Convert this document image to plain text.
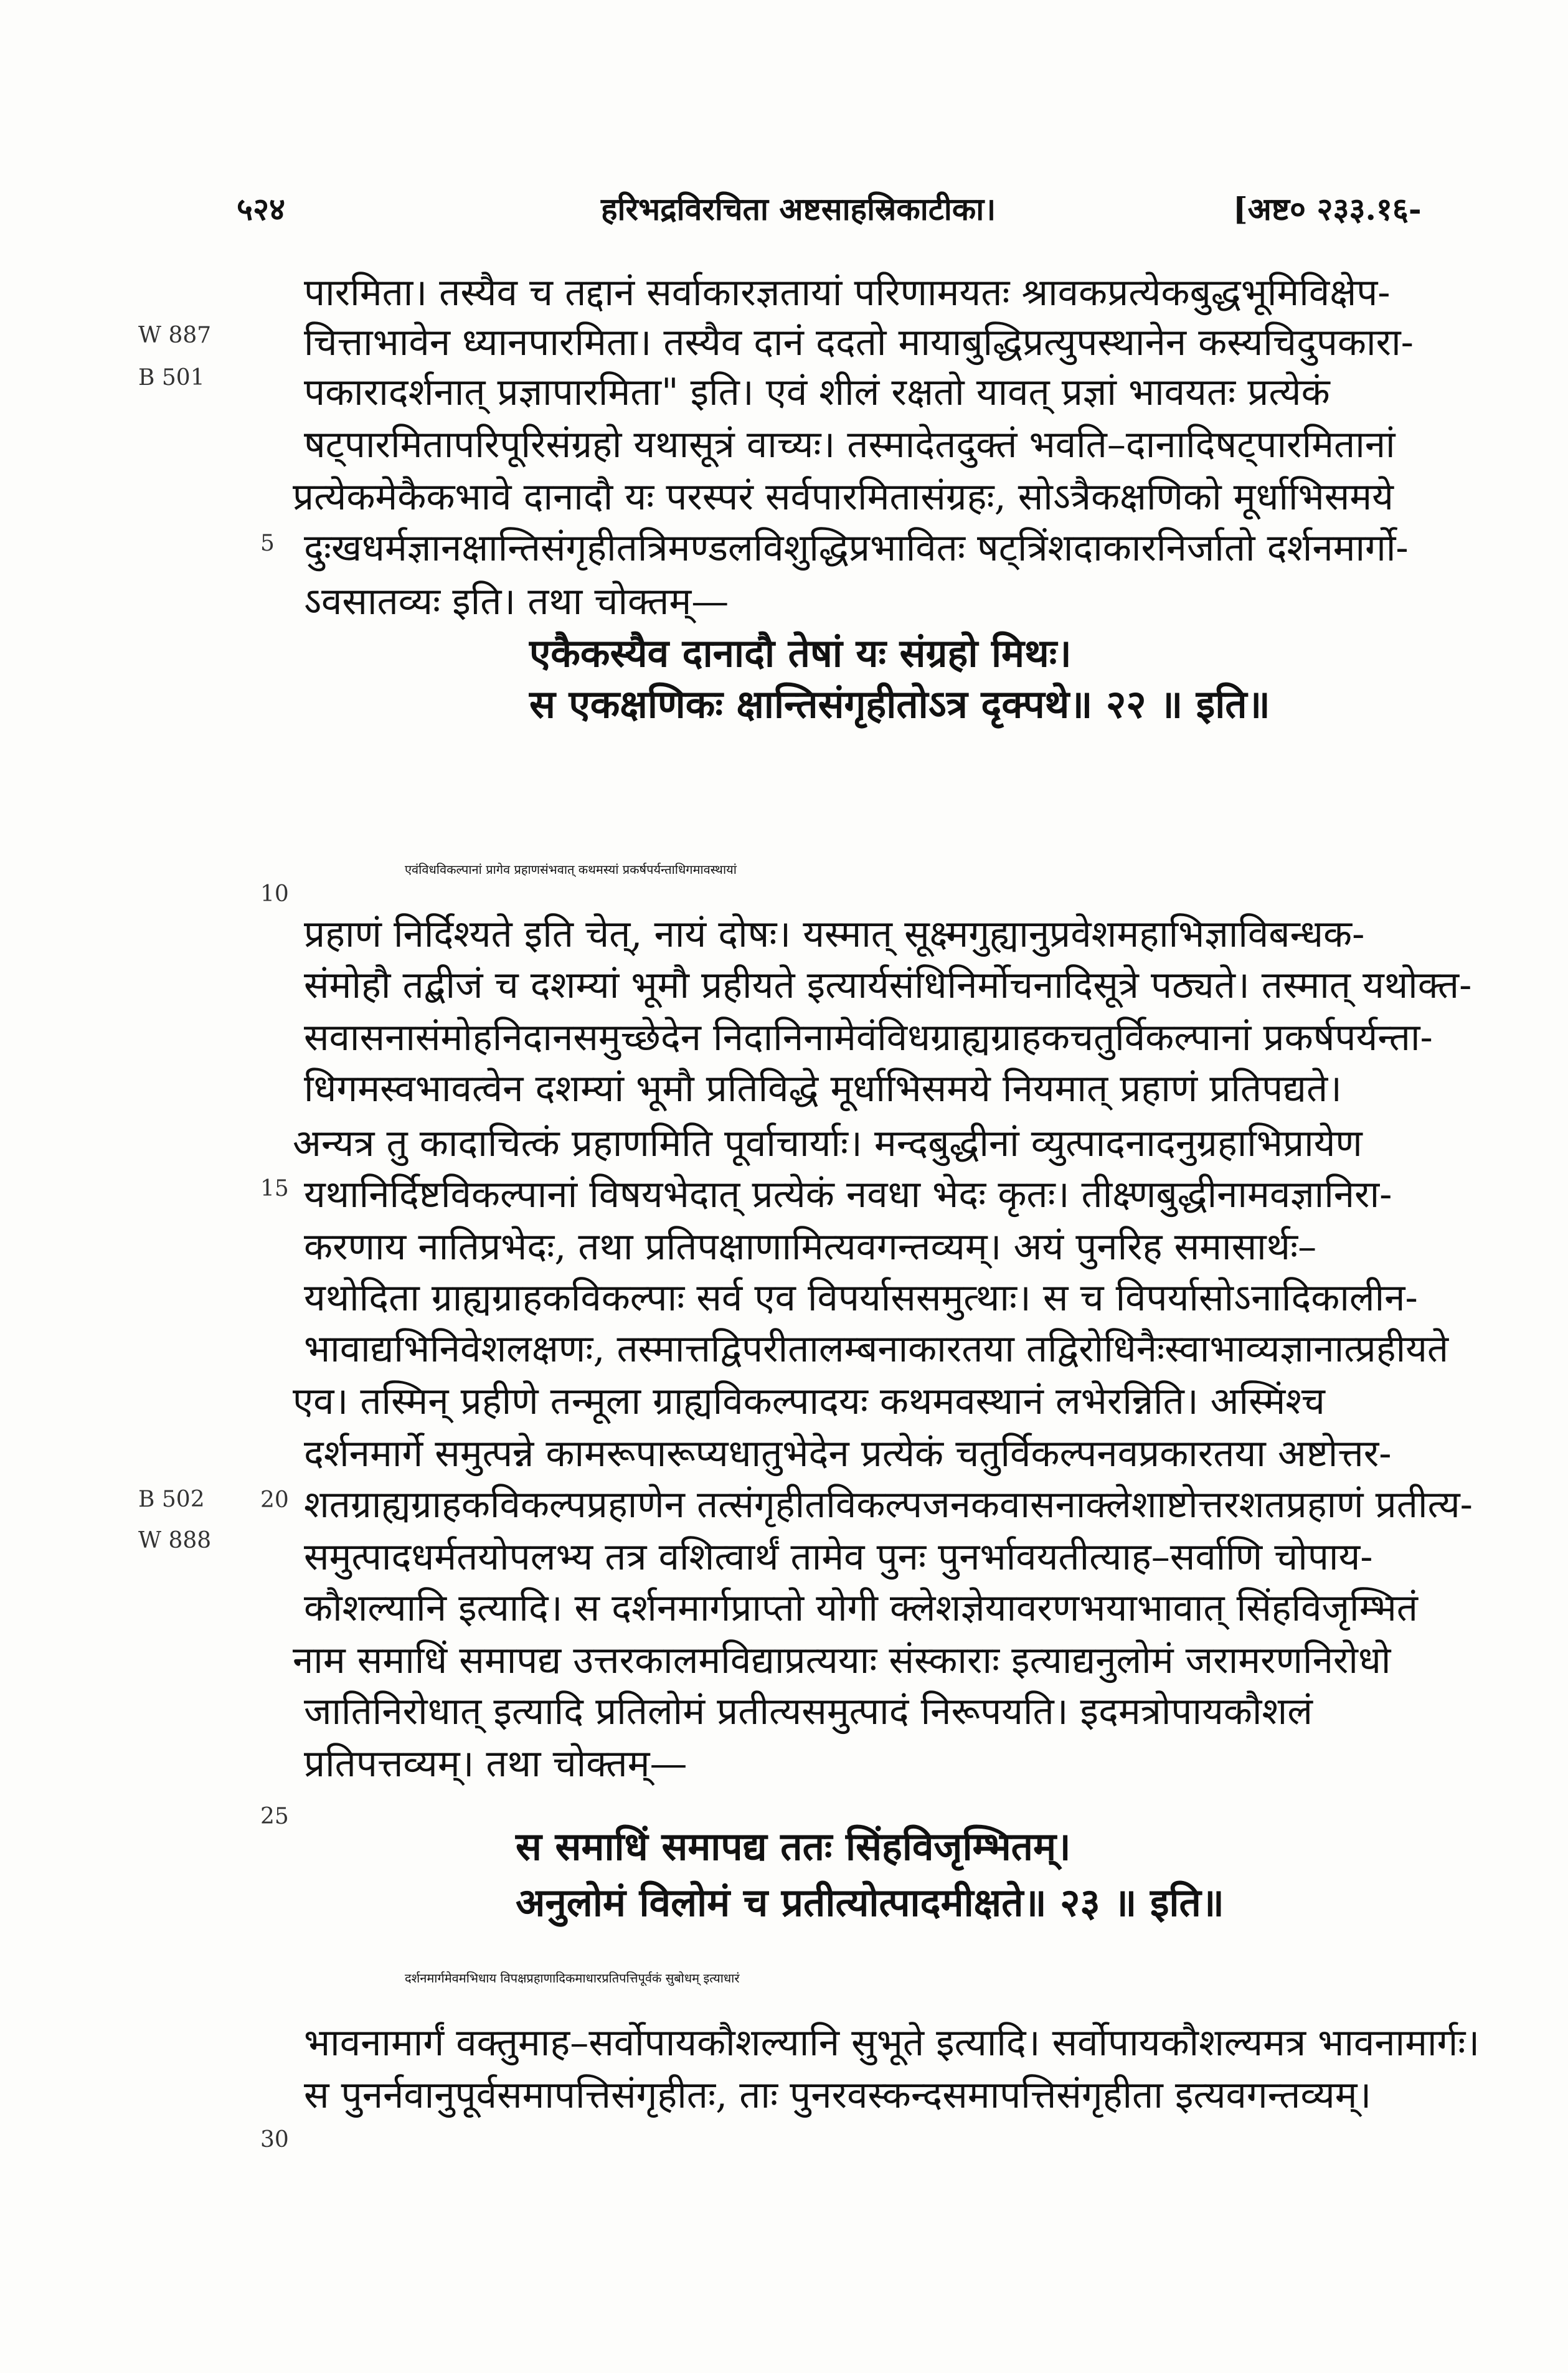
५२४	हरिभद्रविरचिता अष्टसाहस्रिकाटीका।	[अष्ट० २३३.१६-
W 887
B 501
B 502
W 888
5
10
15
20
25
30
पारमिता। तस्यैव च तद्दानं सर्वाकारज्ञतायां परिणामयतः श्रावकप्रत्येकबुद्धभूमिविक्षेप-
चित्ताभावेन ध्यानपारमिता। तस्यैव दानं ददतो मायाबुद्धिप्रत्युपस्थानेन कस्यचिदुपकारा-
पकारादर्शनात् प्रज्ञापारमिता" इति। एवं शीलं रक्षतो यावत् प्रज्ञां भावयतः प्रत्येकं
षट्पारमितापरिपूरिसंग्रहो यथासूत्रं वाच्यः। तस्मादेतदुक्तं भवति–दानादिषट्पारमितानां
प्रत्येकमेकैकभावे दानादौ यः परस्परं सर्वपारमितासंग्रहः, सोऽत्रैकक्षणिको मूर्धाभिसमये
दुःखधर्मज्ञानक्षान्तिसंगृहीतत्रिमण्डलविशुद्धिप्रभावितः षट्त्रिंशदाकारनिर्जातो दर्शनमार्गो-
ऽवसातव्यः इति। तथा चोक्तम्—
एकैकस्यैव दानादौ तेषां यः संग्रहो मिथः।
स एकक्षणिकः क्षान्तिसंगृहीतोऽत्र दृक्पथे॥ २२ ॥ इति॥
एवंविधविकल्पानां प्रागेव प्रहाणसंभवात् कथमस्यां प्रकर्षपर्यन्ताधिगमावस्थायां
प्रहाणं निर्दिश्यते इति चेत्, नायं दोषः। यस्मात् सूक्ष्मगुह्यानुप्रवेशमहाभिज्ञाविबन्धक-
संमोहौ तद्बीजं च दशम्यां भूमौ प्रहीयते इत्यार्यसंधिनिर्मोचनादिसूत्रे पठ्यते। तस्मात् यथोक्त-
सवासनासंमोहनिदानसमुच्छेदेन निदानिनामेवंविधग्राह्यग्राहकचतुर्विकल्पानां प्रकर्षपर्यन्ता-
धिगमस्वभावत्वेन दशम्यां भूमौ प्रतिविद्धे मूर्धाभिसमये नियमात् प्रहाणं प्रतिपद्यते।
अन्यत्र तु कादाचित्कं प्रहाणमिति पूर्वाचार्याः। मन्दबुद्धीनां व्युत्पादनादनुग्रहाभिप्रायेण
यथानिर्दिष्टविकल्पानां विषयभेदात् प्रत्येकं नवधा भेदः कृतः। तीक्ष्णबुद्धीनामवज्ञानिरा-
करणाय नातिप्रभेदः, तथा प्रतिपक्षाणामित्यवगन्तव्यम्। अयं पुनरिह समासार्थः–
यथोदिता ग्राह्यग्राहकविकल्पाः सर्व एव विपर्याससमुत्थाः। स च विपर्यासोऽनादिकालीन-
भावाद्यभिनिवेशलक्षणः, तस्मात्तद्विपरीतालम्बनाकारतया तद्विरोधिनैःस्वाभाव्यज्ञानात्प्रहीयते
एव। तस्मिन् प्रहीणे तन्मूला ग्राह्यविकल्पादयः कथमवस्थानं लभेरन्निति। अस्मिंश्च
दर्शनमार्गे समुत्पन्ने कामरूपारूप्यधातुभेदेन प्रत्येकं चतुर्विकल्पनवप्रकारतया अष्टोत्तर-
शतग्राह्यग्राहकविकल्पप्रहाणेन तत्संगृहीतविकल्पजनकवासनाक्लेशाष्टोत्तरशतप्रहाणं प्रतीत्य-
समुत्पादधर्मतयोपलभ्य तत्र वशित्वार्थं तामेव पुनः पुनर्भावयतीत्याह–सर्वाणि चोपाय-
कौशल्यानि इत्यादि। स दर्शनमार्गप्राप्तो योगी क्लेशज्ञेयावरणभयाभावात् सिंहविजृम्भितं
नाम समाधिं समापद्य उत्तरकालमविद्याप्रत्ययाः संस्काराः इत्याद्यनुलोमं जरामरणनिरोधो
जातिनिरोधात् इत्यादि प्रतिलोमं प्रतीत्यसमुत्पादं निरूपयति। इदमत्रोपायकौशलं
प्रतिपत्तव्यम्। तथा चोक्तम्—
स समाधिं समापद्य ततः सिंहविजृम्भितम्।
अनुलोमं विलोमं च प्रतीत्योत्पादमीक्षते॥ २३ ॥ इति॥
दर्शनमार्गमेवमभिधाय विपक्षप्रहाणादिकमाधारप्रतिपत्तिपूर्वकं सुबोधम् इत्याधारं
भावनामार्गं वक्तुमाह–सर्वोपायकौशल्यानि सुभूते इत्यादि। सर्वोपायकौशल्यमत्र भावनामार्गः।
स पुनर्नवानुपूर्वसमापत्तिसंगृहीतः, ताः पुनरवस्कन्दसमापत्तिसंगृहीता इत्यवगन्तव्यम्।
